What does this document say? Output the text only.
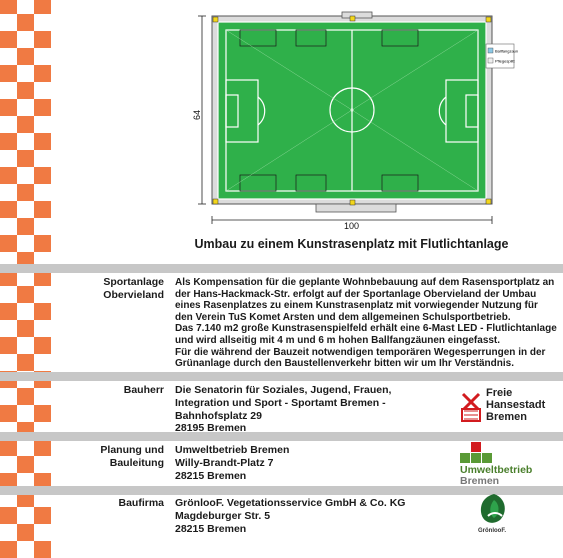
Ballfangzaun
Pflegesplitt
100
64
Umbau zu einem Kunstrasenplatz mit Flutlichtanlage
Sportanlage
Obervieland
Als Kompensation für die geplante Wohnbebauung auf dem Rasensportplatz an
der Hans-Hackmack-Str. erfolgt auf der Sportanlage Obervieland der Umbau
eines Rasenplatzes zu einem Kunstrasenplatz mit vorwiegender Nutzung für
den Verein TuS Komet Arsten und dem allgemeinen Schulsportbetrieb.
Das 7.140 m2 große Kunstrasenspielfeld erhält eine 6-Mast LED - Flutlichtanlage
und wird allseitig mit 4 m und 6 m hohen Ballfangzäunen eingefasst.
Für die während der Bauzeit notwendigen temporären Wegesperrungen in der
Grünanlage durch den Baustellenverkehr bitten wir um Ihr Verständnis.
Bauherr Die Senatorin für Soziales, Jugend, Frauen,
Integration und Sport - Sportamt Bremen -
Bahnhofsplatz 29
28195 Bremen
Freie
Hansestadt
Bremen
Planung und
Bauleitung
Umweltbetrieb Bremen
Willy-Brandt-Platz 7
28215 Bremen	Umweltbetrieb
Bremen
Baufirma GrönlooF. Vegetationsservice GmbH & Co. KG
Magdeburger Str. 5
28215 Bremen	GrönlooF.
